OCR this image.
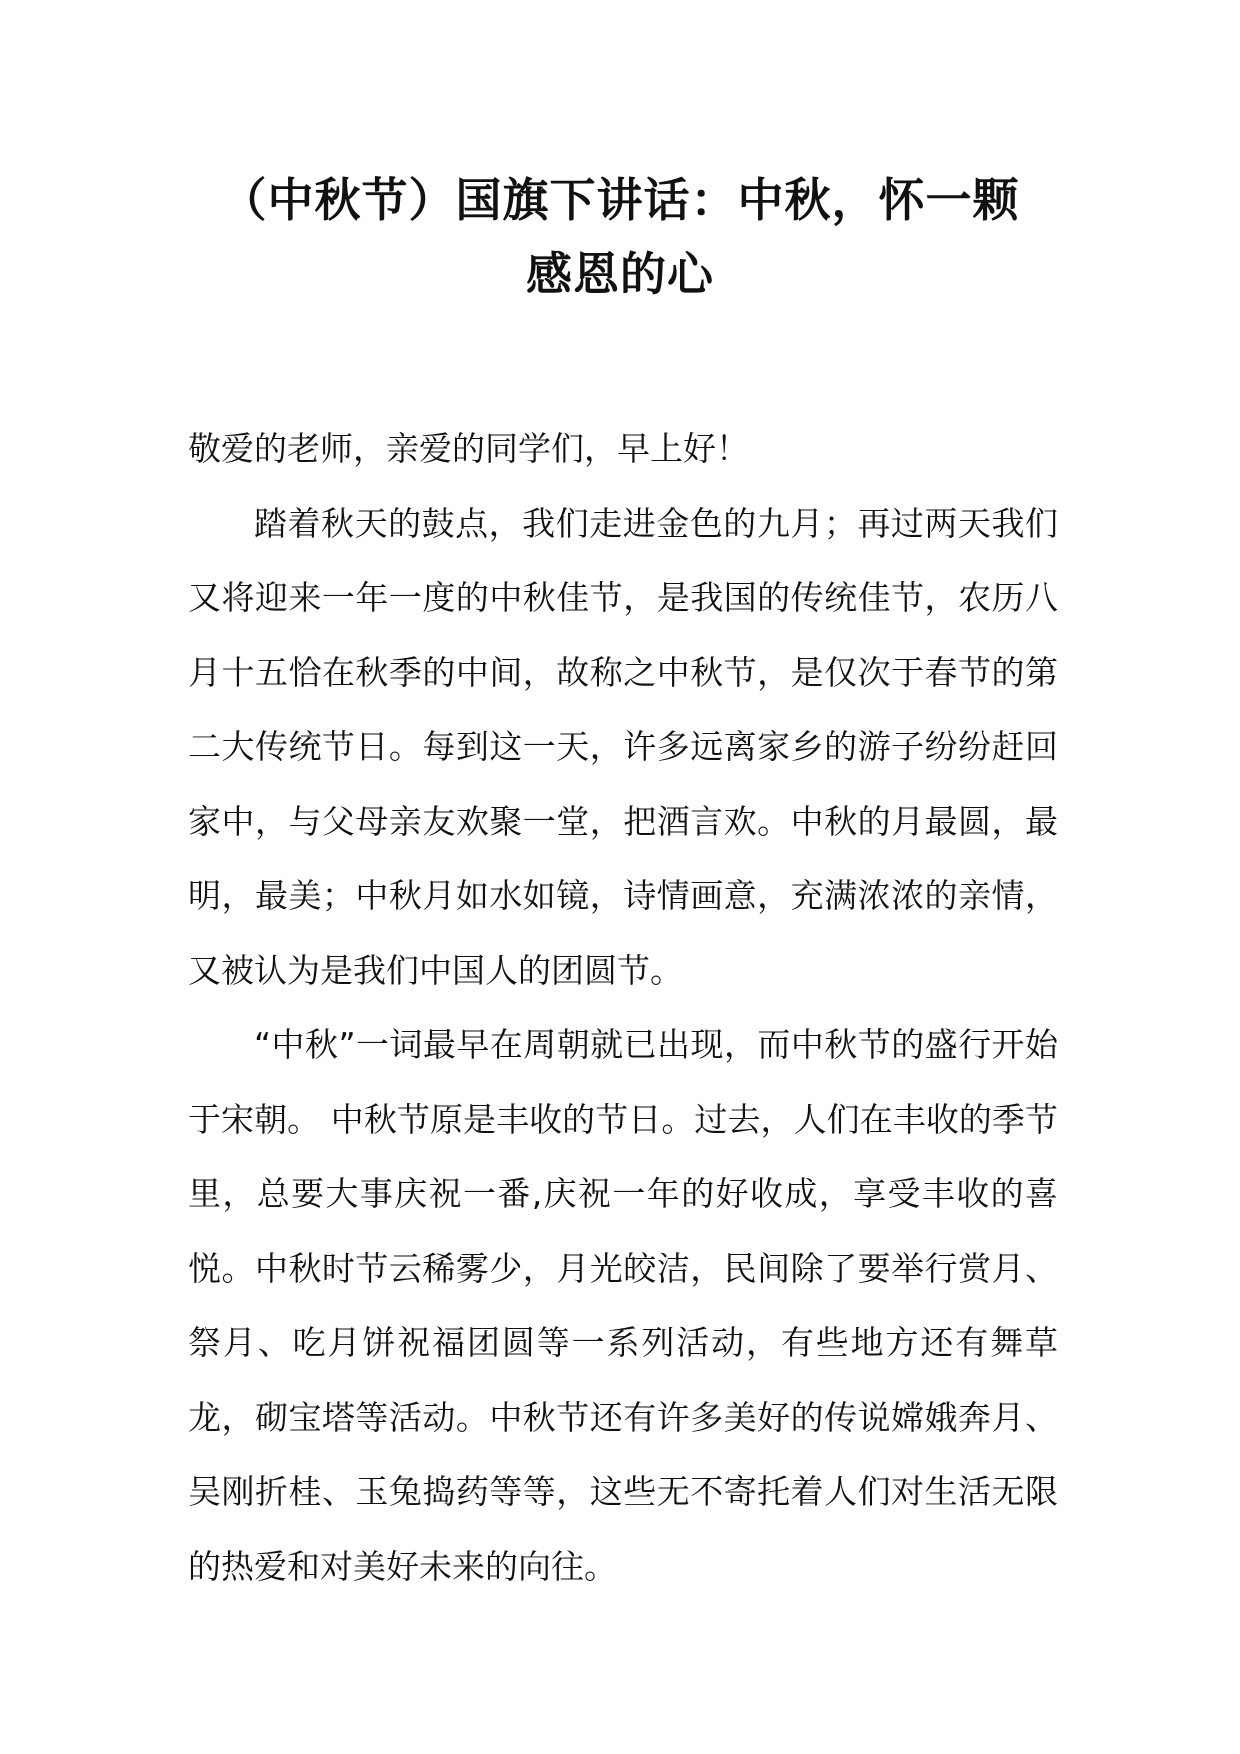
（中秋节）国旗下讲话：中秋，怀一颗
感恩的心

敬爱的老师，亲爱的同学们，早上好！

踏着秋天的鼓点，我们走进金色的九月；再过两天我们又将迎来一年一度的中秋佳节，是我国的传统佳节，农历八月十五恰在秋季的中间，故称之中秋节，是仅次于春节的第二大传统节日。每到这一天，许多远离家乡的游子纷纷赶回家中，与父母亲友欢聚一堂，把酒言欢。中秋的月最圆，最明，最美；中秋月如水如镜，诗情画意，充满浓浓的亲情，又被认为是我们中国人的团圆节。

“中秋”一词最早在周朝就已出现，而中秋节的盛行开始于宋朝。 中秋节原是丰收的节日。过去，人们在丰收的季节里，总要大事庆祝一番,庆祝一年的好收成，享受丰收的喜悦。中秋时节云稀雾少，月光皎洁，民间除了要举行赏月、祭月、吃月饼祝福团圆等一系列活动，有些地方还有舞草龙，砌宝塔等活动。中秋节还有许多美好的传说嫦娥奔月、吴刚折桂、玉兔捣药等等，这些无不寄托着人们对生活无限的热爱和对美好未来的向往。
